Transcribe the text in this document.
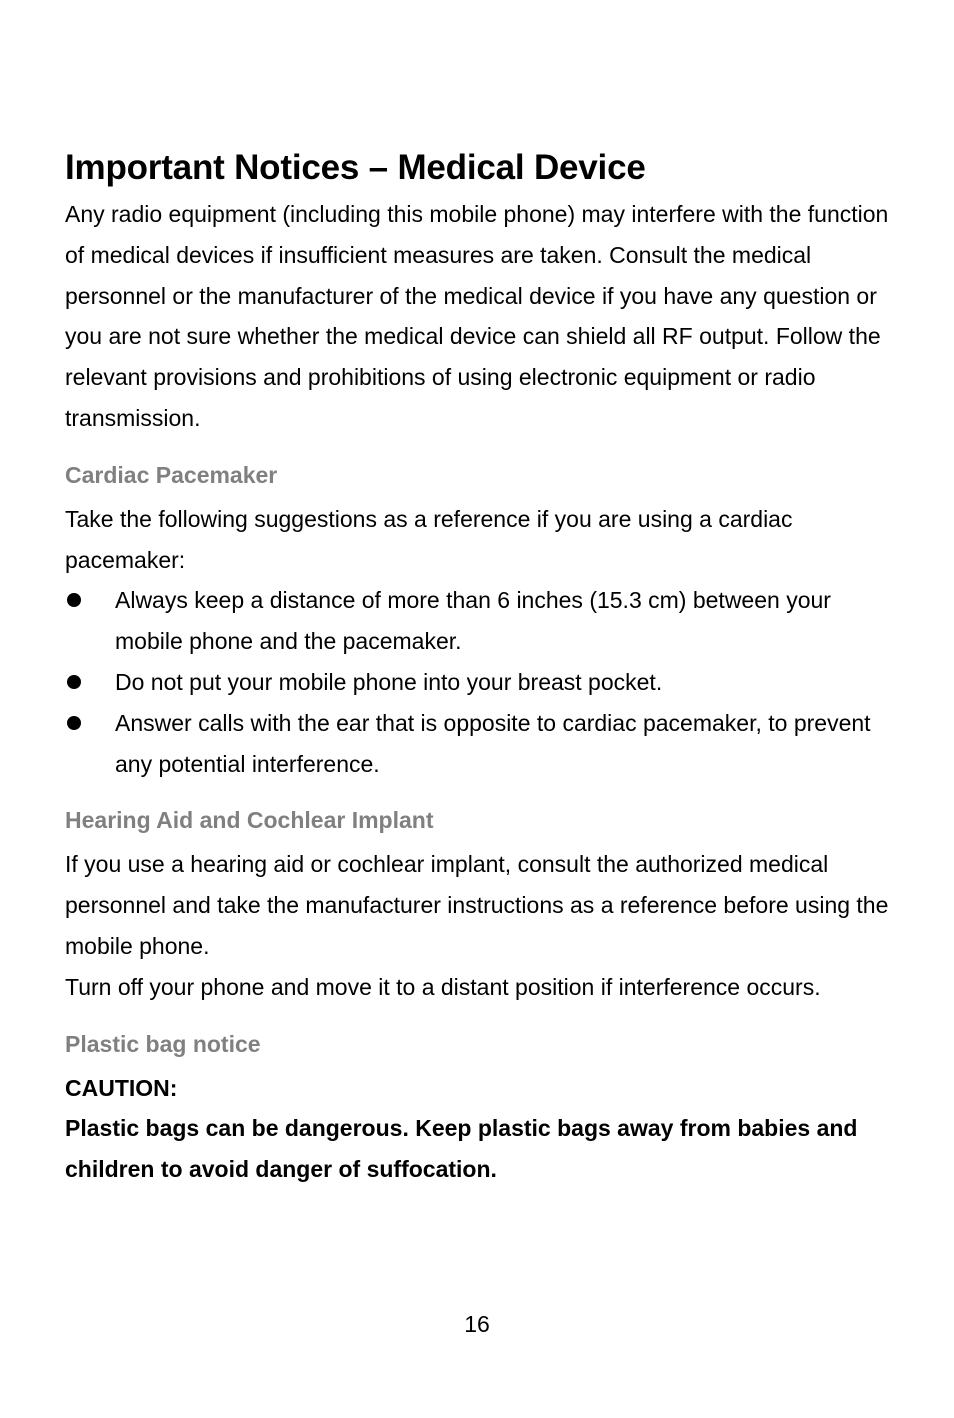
Important Notices – Medical Device

Any radio equipment (including this mobile phone) may interfere with the function of medical devices if insufficient measures are taken. Consult the medical personnel or the manufacturer of the medical device if you have any question or you are not sure whether the medical device can shield all RF output. Follow the relevant provisions and prohibitions of using electronic equipment or radio transmission.

Cardiac Pacemaker

Take the following suggestions as a reference if you are using a cardiac pacemaker:

Always keep a distance of more than 6 inches (15.3 cm) between your mobile phone and the pacemaker.
Do not put your mobile phone into your breast pocket.
Answer calls with the ear that is opposite to cardiac pacemaker, to prevent any potential interference.
Hearing Aid and Cochlear Implant

If you use a hearing aid or cochlear implant, consult the authorized medical personnel and take the manufacturer instructions as a reference before using the mobile phone.

Turn off your phone and move it to a distant position if interference occurs.

Plastic bag notice

CAUTION:

Plastic bags can be dangerous. Keep plastic bags away from babies and children to avoid danger of suffocation.

16
